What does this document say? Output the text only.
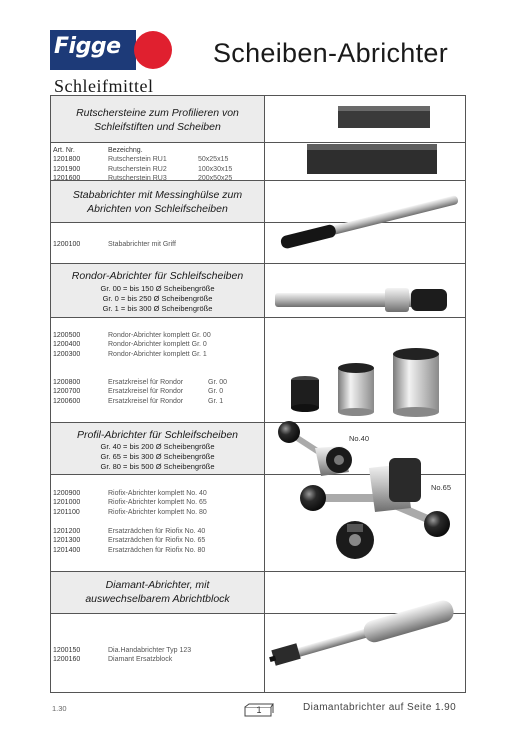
Figge	Scheiben-Abrichter
Schleifmittel
Rutschersteine zum Profilieren von
Schleifstiften und Scheiben
Art. Nr.	Bezeichng.
1201800	Rutscherstein RU1	50x25x15
1201900	Rutscherstein RU2	100x30x15
1201600	Rutscherstein RU3	200x50x25
Stababrichter mit Messinghülse zum
Abrichten von Schleifscheiben
1200100	Stababrichter mit Griff
Rondor-Abrichter für Schleifscheiben
Gr. 00 = bis 150 Ø Scheibengröße
Gr. 0 = bis 250 Ø Scheibengröße
Gr. 1 = bis 300 Ø Scheibengröße
1200500	Rondor-Abrichter komplett Gr. 00
1200400	Rondor-Abrichter komplett Gr. 0
1200300	Rondor-Abrichter komplett Gr. 1
1200800	Ersatzkreisel für Rondor	Gr. 00
1200700	Ersatzkreisel für Rondor	Gr. 0
1200600	Ersatzkreisel für Rondor	Gr. 1
Profil-Abrichter für Schleifscheiben
Gr. 40 = bis 200 Ø Scheibengröße
Gr. 65 = bis 300 Ø Scheibengröße
Gr. 80 = bis 500 Ø Scheibengröße
1200900	Riofix-Abrichter komplett No. 40
1201000	Riofix-Abrichter komplett No. 65
1201100	Riofix-Abrichter komplett No. 80
1201200	Ersatzrädchen für Riofix No. 40
1201300	Ersatzrädchen für Riofix No. 65
1201400	Ersatzrädchen für Riofix No. 80
Diamant-Abrichter, mit
auswechselbarem Abrichtblock
1200150	Dia.Handabrichter Typ 123
1200160	Diamant Ersatzblock
No.40
No.65
1.30	1	Diamantabrichter auf Seite 1.90
